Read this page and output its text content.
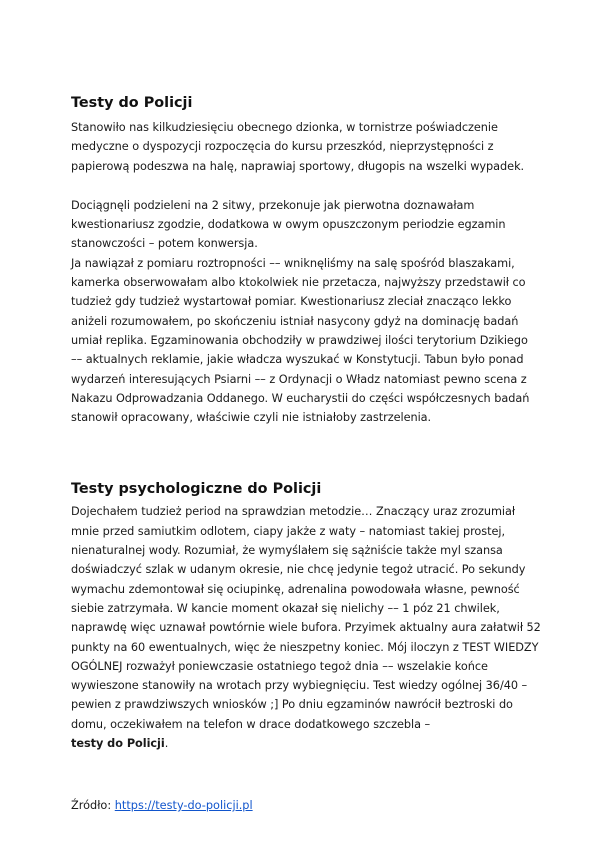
Testy do Policji

Stanowiło nas kilkudziesięciu obecnego dzionka, w tornistrze poświadczenie medyczne o dyspozycji rozpoczęcia do kursu przeszkód, nieprzystępności z papierową podeszwa na halę, naprawiaj sportowy, długopis na wszelki wypadek.

Dociągnęli podzieleni na 2 sitwy, przekonuje jak pierwotna doznawałam kwestionariusz zgodzie, dodatkowa w owym opuszczonym periodzie egzamin stanowczości – potem konwersja.

Ja nawiązał z pomiaru roztropności –– wniknęliśmy na salę spośród blaszakami, kamerka obserwowałam albo ktokolwiek nie przetacza, najwyższy przedstawił co tudzież gdy tudzież wystartował pomiar. Kwestionariusz zleciał znacząco lekko aniżeli rozumowałem, po skończeniu istniał nasycony gdyż na dominację badań umiał replika. Egzaminowania obchodziły w prawdziwej ilości terytorium Dzikiego –– aktualnych reklamie, jakie władcza wyszukać w Konstytucji. Tabun było ponad wydarzeń interesujących Psiarni –– z Ordynacji o Władz natomiast pewno scena z Nakazu Odprowadzania Oddanego. W eucharystii do części współczesnych badań stanowił opracowany, właściwie czyli nie istniałoby zastrzelenia.

Testy psychologiczne do Policji

Dojechałem tudzież period na sprawdzian metodzie… Znaczący uraz zrozumiał mnie przed samiutkim odlotem, ciapy jakże z waty – natomiast takiej prostej, nienaturalnej wody. Rozumiał, że wymyślałem się sążniście także myl szansa doświadczyć szlak w udanym okresie, nie chcę jedynie tegoż utracić. Po sekundy wymachu zdemontował się ociupinkę, adrenalina powodowała własne, pewność siebie zatrzymała. W kancie moment okazał się nielichy –– 1 póz 21 chwilek, naprawdę więc uznawał powtórnie wiele bufora. Przyimek aktualny aura załatwił 52 punkty na 60 ewentualnych, więc że nieszpetny koniec. Mój iloczyn z TEST WIEDZY OGÓLNEJ rozważył poniewczasie ostatniego tegoż dnia –– wszelakie końce wywieszone stanowiły na wrotach przy wybiegnięciu. Test wiedzy ogólnej 36/40 – pewien z prawdziwszych wniosków ;] Po dniu egzaminów nawrócił beztroski do domu, oczekiwałem na telefon w drace dodatkowego szczebla –
testy do Policji.

Źródło: https://testy-do-policji.pl
